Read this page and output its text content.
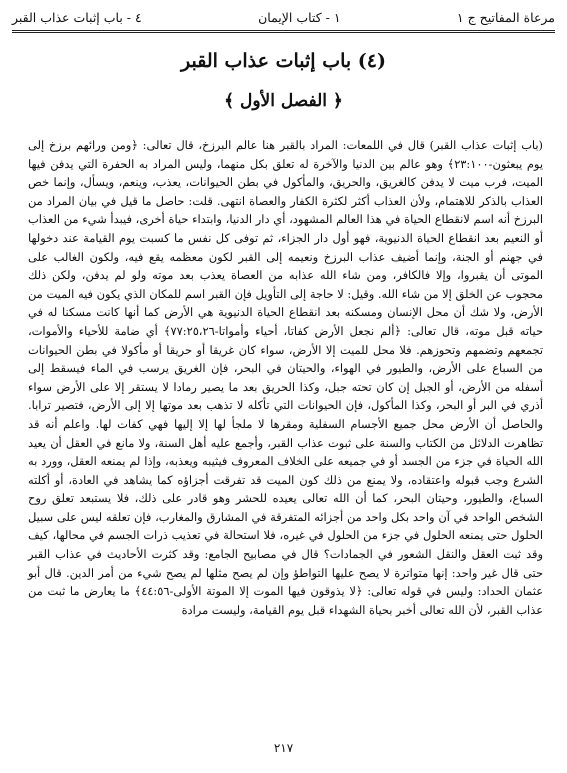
مرعاة المفاتيح ج ١
١ - كتاب الإيمان
٤ - باب إثبات عذاب القبر
(٤) باب إثبات عذاب القبر
﴿ الفصل الأول ﴾
(باب إثبات عذاب القبر) قال في اللمعات: المراد بالقبر هنا عالم البرزخ، قال تعالى: ﴿ومن ورائهم برزخ إلى يوم يبعثون-٢٣:١٠٠﴾ وهو عالم بين الدنيا والآخرة له تعلق بكل منهما، وليس المراد به الحفرة التي يدفن فيها الميت، فرب ميت لا يدفن كالغريق، والحريق، والمأكول في بطن الحيوانات، يعذب، وينعم، ويسأل، وإنما خص العذاب بالذكر للاهتمام، ولأن العذاب أكثر لكثرة الكفار والعصاة انتهى. قلت: حاصل ما قيل في بيان المراد من البرزخ أنه اسم لانقطاع الحياة في هذا العالم المشهود، أي دار الدنيا، وابتداء حياة أخرى، فيبدأ شيء من العذاب أو النعيم بعد انقطاع الحياة الدنيوية، فهو أول دار الجزاء، ثم توفى كل نفس ما كسبت يوم القيامة عند دخولها في جهنم أو الجنة، وإنما أضيف عذاب البرزخ ونعيمه إلى القبر لكون معظمه يقع فيه، ولكون الغالب على الموتى أن يقبروا، وإلا فالكافر، ومن شاء الله عذابه من العصاة يعذب بعد موته ولو لم يدفن، ولكن ذلك محجوب عن الخلق إلا من شاء الله. وقيل: لا حاجة إلى التأويل فإن القبر اسم للمكان الذي يكون فيه الميت من الأرض، ولا شك أن محل الإنسان ومسكنه بعد انقطاع الحياة الدنيوية هي الأرض كما أنها كانت مسكنا له في حياته قبل موته، قال تعالى: ﴿ألم نجعل الأرض كفاتا، أحياء وأمواتا-٧٧:٢٥،٢٦﴾ أي ضامة للأحياء والأموات، تجمعهم وتضمهم وتحوزهم. فلا محل للميت إلا الأرض، سواء كان غريقا أو حريقا أو مأكولا في بطن الحيوانات من السباع على الأرض، والطيور في الهواء، والحيتان في البحر، فإن الغريق يرسب في الماء فيسقط إلى أسفله من الأرض، أو الجبل إن كان تحته جبل، وكذا الحريق بعد ما يصير رمادا لا يستقر إلا على الأرض سواء أذري في البر أو البحر، وكذا المأكول، فإن الحيوانات التي تأكله لا تذهب بعد موتها إلا إلى الأرض، فتصير ترابا. والحاصل أن الأرض محل جميع الأجسام السفلية ومقرها لا ملجأ لها إلا إليها فهي كفات لها. واعلم أنه قد تظاهرت الدلائل من الكتاب والسنة على ثبوت عذاب القبر، وأجمع عليه أهل السنة، ولا مانع في العقل أن يعيد الله الحياة في جزء من الجسد أو في جميعه على الخلاف المعروف فيثيبه ويعذبه، وإذا لم يمنعه العقل، وورد به الشرع وجب قبوله واعتقاده، ولا يمنع من ذلك كون الميت قد تفرقت أجزاؤه كما يشاهد في العادة، أو أكلته السباع، والطيور، وحيتان البحر، كما أن الله تعالى يعيده للحشر وهو قادر على ذلك، فلا يستبعد تعلق روح الشخص الواحد في آن واحد بكل واحد من أجزائه المتفرقة في المشارق والمغارب، فإن تعلقه ليس على سبيل الحلول حتى يمنعه الحلول في جزء من الحلول في غيره، فلا استحالة في تعذيب ذرات الجسم في محالها، كيف وقد ثبت العقل والنقل الشعور في الجمادات؟ قال في مصابيح الجامع: وقد كثرت الأحاديث في عذاب القبر حتى قال غير واحد: إنها متواترة لا يصح عليها التواطؤ وإن لم يصح مثلها لم يصح شيء من أمر الدين. قال أبو عثمان الحداد: وليس في قوله تعالى: ﴿لا يذوقون فيها الموت إلا الموتة الأولى-٤٤:٥٦﴾ ما يعارض ما ثبت من عذاب القبر، لأن الله تعالى أخبر بحياة الشهداء قبل يوم القيامة، وليست مرادة
٢١٧
